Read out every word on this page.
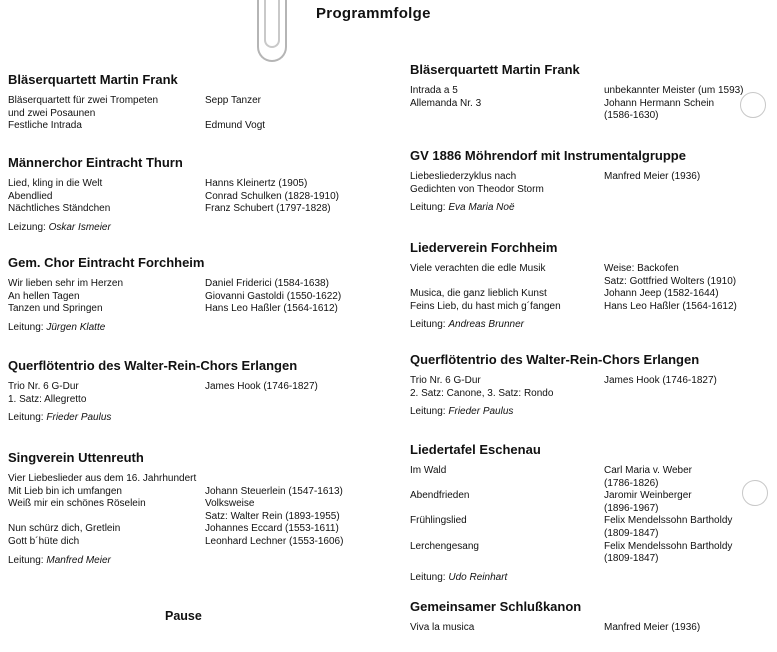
Programmfolge
Bläserquartett Martin Frank
Bläserquartett für zwei Trompeten	Sepp Tanzer
und zwei Posaunen
Festliche Intrada	Edmund Vogt
Männerchor Eintracht Thurn
Lied, kling in die Welt	Hanns Kleinertz (1905)
Abendlied	Conrad Schulken (1828-1910)
Nächtliches Ständchen	Franz Schubert (1797-1828)
Leizung: Oskar Ismeier
Gem. Chor Eintracht Forchheim
Wir lieben sehr im Herzen	Daniel Friderici (1584-1638)
An hellen Tagen	Giovanni Gastoldi (1550-1622)
Tanzen und Springen	Hans Leo Haßler (1564-1612)
Leitung: Jürgen Klatte
Querflötentrio des Walter-Rein-Chors Erlangen
Trio Nr. 6 G-Dur	James Hook (1746-1827)
1. Satz: Allegretto
Leitung: Frieder Paulus
Singverein Uttenreuth
Vier Liebeslieder aus dem 16. Jahrhundert
Mit Lieb bin ich umfangen	Johann Steuerlein (1547-1613)
Weiß mir ein schönes Röselein	Volksweise
Satz: Walter Rein (1893-1955)
Nun schürz dich, Gretlein	Johannes Eccard (1553-1611)
Gott b´hüte dich	Leonhard Lechner (1553-1606)
Leitung: Manfred Meier
Bläserquartett Martin Frank
Intrada a 5	unbekannter Meister (um 1593)
Allemanda Nr. 3	Johann Hermann Schein
(1586-1630)
GV 1886 Möhrendorf mit Instrumentalgruppe
Liebesliederzyklus nach	Manfred Meier (1936)
Gedichten von Theodor Storm
Leitung: Eva Maria Noë
Liederverein Forchheim
Viele verachten die edle Musik	Weise: Backofen
Satz: Gottfried Wolters (1910)
Musica, die ganz lieblich Kunst	Johann Jeep (1582-1644)
Feins Lieb, du hast mich g´fangen	Hans Leo Haßler (1564-1612)
Leitung: Andreas Brunner
Querflötentrio des Walter-Rein-Chors Erlangen
Trio Nr. 6 G-Dur	James Hook (1746-1827)
2. Satz: Canone, 3. Satz: Rondo
Leitung: Frieder Paulus
Liedertafel Eschenau
Im Wald	Carl Maria v. Weber
(1786-1826)
Abendfrieden	Jaromir Weinberger
(1896-1967)
Frühlingslied	Felix Mendelssohn Bartholdy
(1809-1847)
Lerchengesang	Felix Mendelssohn Bartholdy
(1809-1847)
Leitung: Udo Reinhart
Gemeinsamer Schlußkanon
Viva la musica	Manfred Meier (1936)
Pause
